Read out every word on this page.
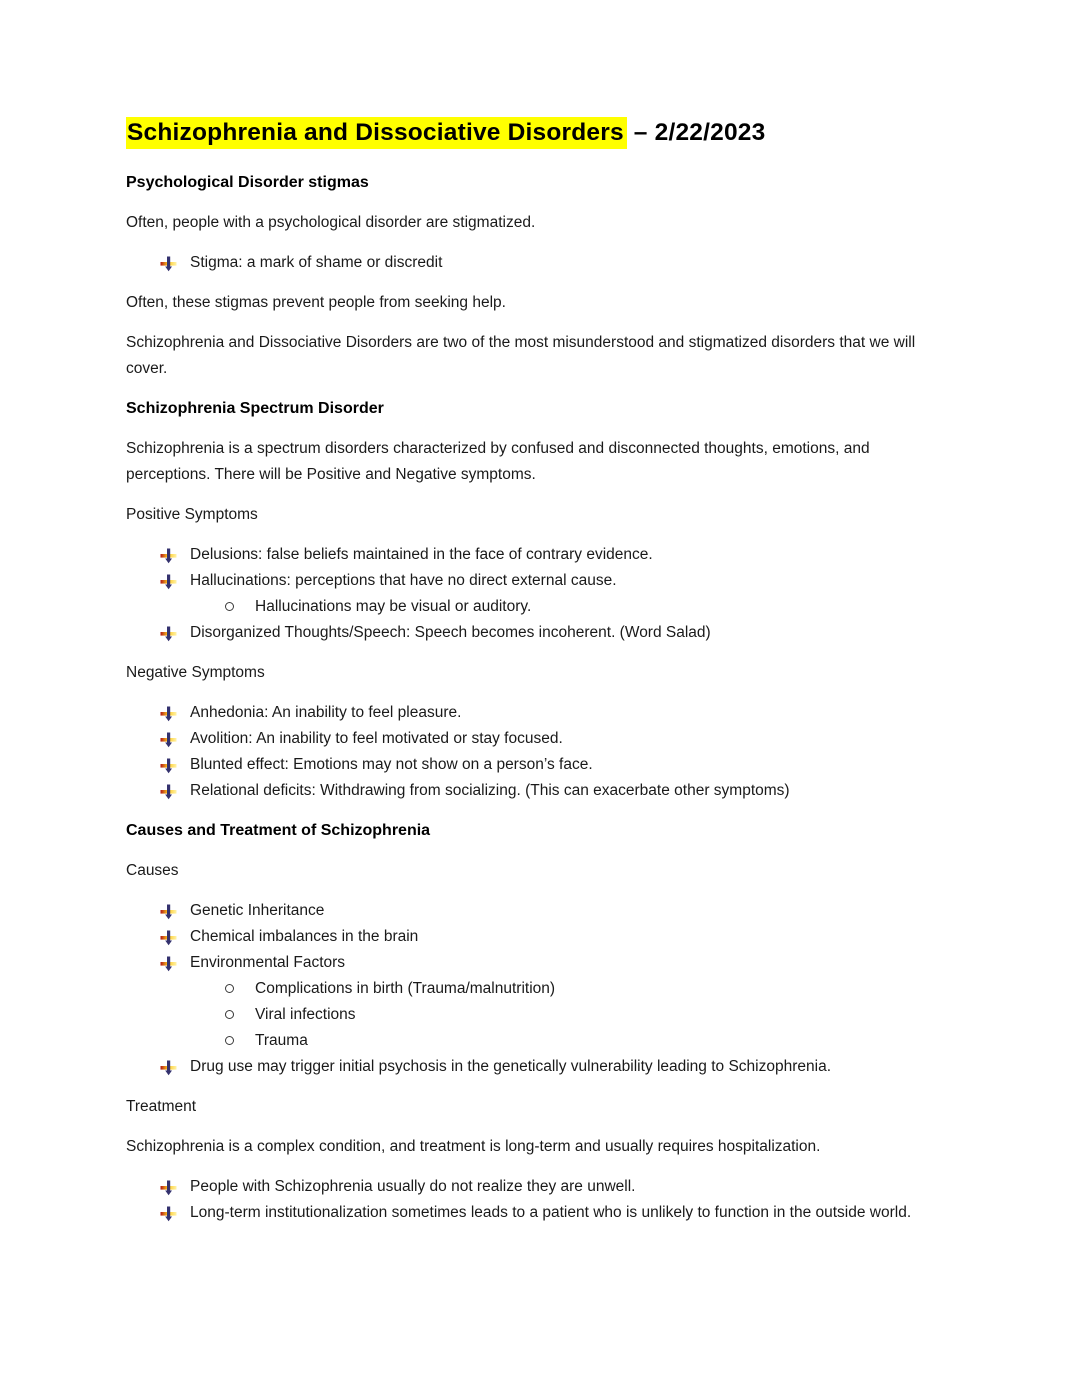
Schizophrenia and Dissociative Disorders – 2/22/2023
Psychological Disorder stigmas

Often, people with a psychological disorder are stigmatized.

Stigma: a mark of shame or discredit

Often, these stigmas prevent people from seeking help.

Schizophrenia and Dissociative Disorders are two of the most misunderstood and stigmatized disorders that we will cover.

Schizophrenia Spectrum Disorder

Schizophrenia is a spectrum disorders characterized by confused and disconnected thoughts, emotions, and perceptions. There will be Positive and Negative symptoms.

Positive Symptoms

Delusions: false beliefs maintained in the face of contrary evidence.
Hallucinations: perceptions that have no direct external cause.
Hallucinations may be visual or auditory.
Disorganized Thoughts/Speech: Speech becomes incoherent. (Word Salad)

Negative Symptoms

Anhedonia: An inability to feel pleasure.
Avolition: An inability to feel motivated or stay focused.
Blunted effect: Emotions may not show on a person’s face.
Relational deficits: Withdrawing from socializing. (This can exacerbate other symptoms)
Causes and Treatment of Schizophrenia

Causes

Genetic Inheritance
Chemical imbalances in the brain
Environmental Factors
Complications in birth (Trauma/malnutrition)
Viral infections
Trauma
Drug use may trigger initial psychosis in the genetically vulnerability leading to Schizophrenia.

Treatment

Schizophrenia is a complex condition, and treatment is long-term and usually requires hospitalization.

People with Schizophrenia usually do not realize they are unwell.
Long-term institutionalization sometimes leads to a patient who is unlikely to function in the outside world.
